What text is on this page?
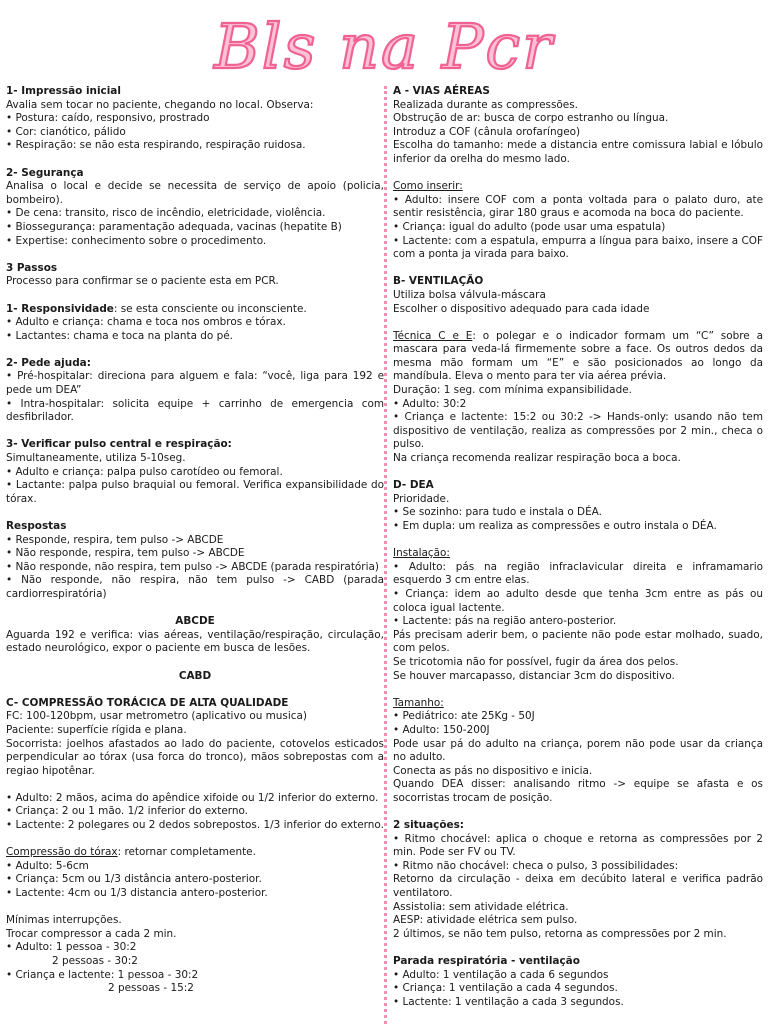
Bls na Pcr

1- Impressão inicial

Avalia sem tocar no paciente, chegando no local. Observa:

• Postura: caído, responsivo, prostrado

• Cor: cianótico, pálido

• Respiração: se não esta respirando, respiração ruidosa.

2- Segurança

Analisa o local e decide se necessita de serviço de apoio (policia, bombeiro).

• De cena: transito, risco de incêndio, eletricidade, violência.

• Biossegurança: paramentação adequada, vacinas (hepatite B)

• Expertise: conhecimento sobre o procedimento.

3 Passos

Processo para confirmar se o paciente esta em PCR.

1- Responsividade: se esta consciente ou inconsciente.

• Adulto e criança: chama e toca nos ombros e tórax.

• Lactantes: chama e toca na planta do pé.

2- Pede ajuda:

• Pré-hospitalar: direciona para alguem e fala: “você, liga para 192 e pede um DEA”

• Intra-hospitalar: solicita equipe + carrinho de emergencia com desfibrilador.

3- Verificar pulso central e respiração:

Simultaneamente, utiliza 5-10seg.

• Adulto e criança: palpa pulso carotídeo ou femoral.

• Lactante: palpa pulso braquial ou femoral. Verifica expansibilidade do tórax.

Respostas

• Responde, respira, tem pulso -> ABCDE

• Não responde, respira, tem pulso -> ABCDE

• Não responde, não respira, tem pulso -> ABCDE (parada respiratória)

• Não responde, não respira, não tem pulso -> CABD (parada cardiorrespiratória)

ABCDE

Aguarda 192 e verifica: vias aéreas, ventilação/respiração, circulação, estado neurológico, expor o paciente em busca de lesões.

CABD

C- COMPRESSÃO TORÁCICA DE ALTA QUALIDADE

FC: 100-120bpm, usar metrometro (aplicativo ou musica)

Paciente: superfície rígida e plana.

Socorrista: joelhos afastados ao lado do paciente, cotovelos esticados perpendicular ao tórax (usa forca do tronco), mãos sobrepostas com a regiao hipotênar.

• Adulto: 2 mãos, acima do apêndice xifoide ou 1/2 inferior do externo.

• Criança: 2 ou 1 mão. 1/2 inferior do externo.

• Lactente: 2 polegares ou 2 dedos sobrepostos. 1/3 inferior do externo.

Compressão do tórax: retornar completamente.

• Adulto: 5-6cm

• Criança: 5cm ou 1/3 distância antero-posterior.

• Lactente: 4cm ou 1/3 distancia antero-posterior.

Mínimas interrupções.

Trocar compressor a cada 2 min.

• Adulto: 1 pessoa - 30:2

2 pessoas - 30:2

• Criança e lactente: 1 pessoa - 30:2

2 pessoas - 15:2

A - VIAS AÉREAS

Realizada durante as compressões.

Obstrução de ar: busca de corpo estranho ou língua.

Introduz a COF (cânula orofaríngeo)

Escolha do tamanho: mede a distancia entre comissura labial e lóbulo inferior da orelha do mesmo lado.

Como inserir:

• Adulto: insere COF com a ponta voltada para o palato duro, ate sentir resistência, girar 180 graus e acomoda na boca do paciente.

• Criança: igual do adulto (pode usar uma espatula)

• Lactente: com a espatula, empurra a língua para baixo, insere a COF com a ponta ja virada para baixo.

B- VENTILAÇÃO

Utiliza bolsa válvula-máscara

Escolher o dispositivo adequado para cada idade

Técnica C e E: o polegar e o indicador formam um “C” sobre a mascara para veda-lá firmemente sobre a face. Os outros dedos da mesma mão formam um “E” e são posicionados ao longo da mandíbula. Eleva o mento para ter via aérea prévia.

Duração: 1 seg. com mínima expansibilidade.

• Adulto: 30:2

• Criança e lactente: 15:2 ou 30:2 -> Hands-only: usando não tem dispositivo de ventilação, realiza as compressões por 2 min., checa o pulso.

Na criança recomenda realizar respiração boca a boca.

D- DEA

Prioridade.

• Se sozinho: para tudo e instala o DÉA.

• Em dupla: um realiza as compressões e outro instala o DÉA.

Instalação:

• Adulto: pás na região infraclavicular direita e inframamario esquerdo 3 cm entre elas.

• Criança: idem ao adulto desde que tenha 3cm entre as pás ou coloca igual lactente.

• Lactente: pás na região antero-posterior.

Pás precisam aderir bem, o paciente não pode estar molhado, suado, com pelos.

Se tricotomia não for possível, fugir da área dos pelos.

Se houver marcapasso, distanciar 3cm do dispositivo.

Tamanho:

• Pediátrico: ate 25Kg - 50J

• Adulto: 150-200J

Pode usar pá do adulto na criança, porem não pode usar da criança no adulto.

Conecta as pás no dispositivo e inicia.

Quando DEA disser: analisando ritmo -> equipe se afasta e os socorristas trocam de posição.

2 situações:

• Ritmo chocável: aplica o choque e retorna as compressões por 2 min. Pode ser FV ou TV.

• Ritmo não chocável: checa o pulso, 3 possibilidades:

Retorno da circulação - deixa em decúbito lateral e verifica padrão ventilatoro.

Assistolia: sem atividade elétrica.

AESP: atividade elétrica sem pulso.

2 últimos, se não tem pulso, retorna as compressões por 2 min.

Parada respiratória - ventilação

• Adulto: 1 ventilação a cada 6 segundos

• Criança: 1 ventilação a cada 4 segundos.

• Lactente: 1 ventilação a cada 3 segundos.
